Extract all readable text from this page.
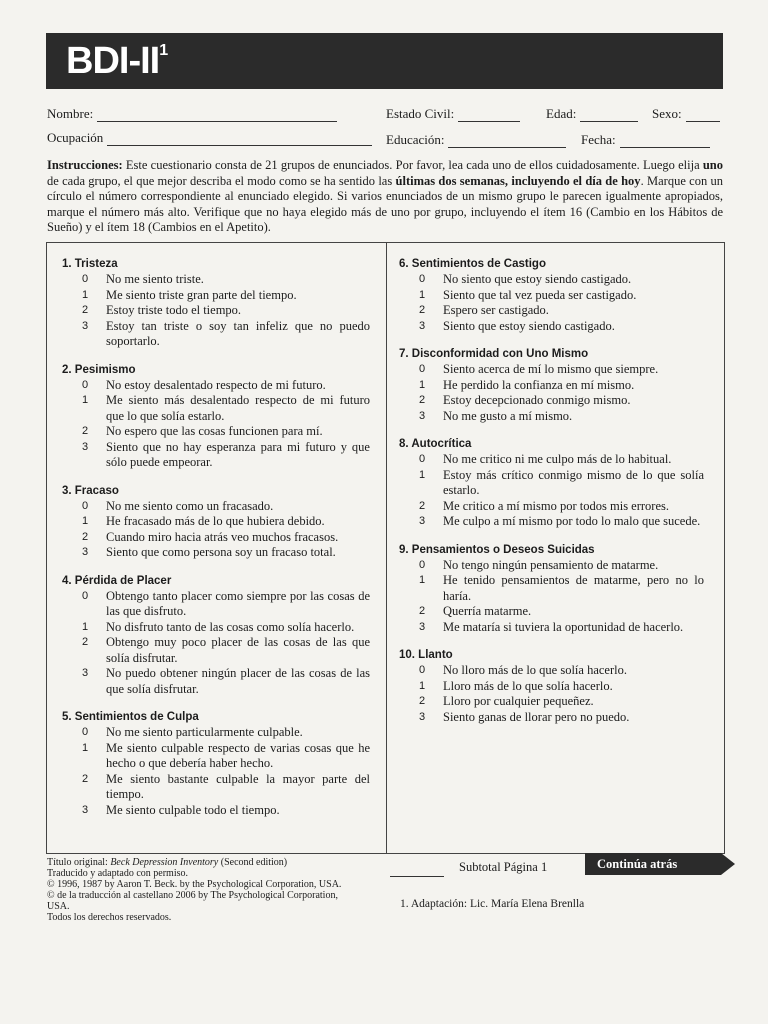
BDI-$II^1$
Nombre:	Estado Civil:	Edad:	Sexo:
Ocupación	Educación:	Fecha:
Instrucciones: Este cuestionario consta de 21 grupos de enunciados. Por favor, lea cada uno de ellos cuidadosamente. Luego elija uno de cada grupo, el que mejor describa el modo como se ha sentido las últimas dos semanas, incluyendo el día de hoy. Marque con un círculo el número correspondiente al enunciado elegido. Si varios enunciados de un mismo grupo le parecen igualmente apropiados, marque el número más alto. Verifique que no haya elegido más de uno por grupo, incluyendo el ítem 16 (Cambio en los Hábitos de Sueño) y el ítem 18 (Cambios en el Apetito).
1. Tristeza
0	No me siento triste.
1	Me siento triste gran parte del tiempo.
2	Estoy triste todo el tiempo.
3	Estoy tan triste o soy tan infeliz que no puedo soportarlo.
2. Pesimismo
0	No estoy desalentado respecto de mi futuro.
1	Me siento más desalentado respecto de mi futuro que lo que solía estarlo.
2	No espero que las cosas funcionen para mí.
3	Siento que no hay esperanza para mi futuro y que sólo puede empeorar.
3. Fracaso
0	No me siento como un fracasado.
1	He fracasado más de lo que hubiera debido.
2	Cuando miro hacia atrás veo muchos fracasos.
3	Siento que como persona soy un fracaso total.
4. Pérdida de Placer
0	Obtengo tanto placer como siempre por las cosas de las que disfruto.
1	No disfruto tanto de las cosas como solía hacerlo.
2	Obtengo muy poco placer de las cosas de las que solía disfrutar.
3	No puedo obtener ningún placer de las cosas de las que solía disfrutar.
5. Sentimientos de Culpa
0	No me siento particularmente culpable.
1	Me siento culpable respecto de varias cosas que he hecho o que debería haber hecho.
2	Me siento bastante culpable la mayor parte del tiempo.
3	Me siento culpable todo el tiempo.
6. Sentimientos de Castigo
0	No siento que estoy siendo castigado.
1	Siento que tal vez pueda ser castigado.
2	Espero ser castigado.
3	Siento que estoy siendo castigado.
7. Disconformidad con Uno Mismo
0	Siento acerca de mí lo mismo que siempre.
1	He perdido la confianza en mí mismo.
2	Estoy decepcionado conmigo mismo.
3	No me gusto a mí mismo.
8. Autocrítica
0	No me critico ni me culpo más de lo habitual.
1	Estoy más crítico conmigo mismo de lo que solía estarlo.
2	Me critico a mí mismo por todos mis errores.
3	Me culpo a mí mismo por todo lo malo que sucede.
9. Pensamientos o Deseos Suicidas
0	No tengo ningún pensamiento de matarme.
1	He tenido pensamientos de matarme, pero no lo haría.
2	Querría matarme.
3	Me mataría si tuviera la oportunidad de hacerlo.
10. Llanto
0	No lloro más de lo que solía hacerlo.
1	Lloro más de lo que solía hacerlo.
2	Lloro por cualquier pequeñez.
3	Siento ganas de llorar pero no puedo.
Título original: Beck Depression Inventory (Second edition)
Traducido y adaptado con permiso.
© 1996, 1987 by Aaron T. Beck. by the Psychological Corporation, USA.
© de la traducción al castellano 2006 by The Psychological Corporation, USA.
Todos los derechos reservados.
Subtotal Página 1	Continúa atrás
1. Adaptación: Lic. María Elena Brenlla
